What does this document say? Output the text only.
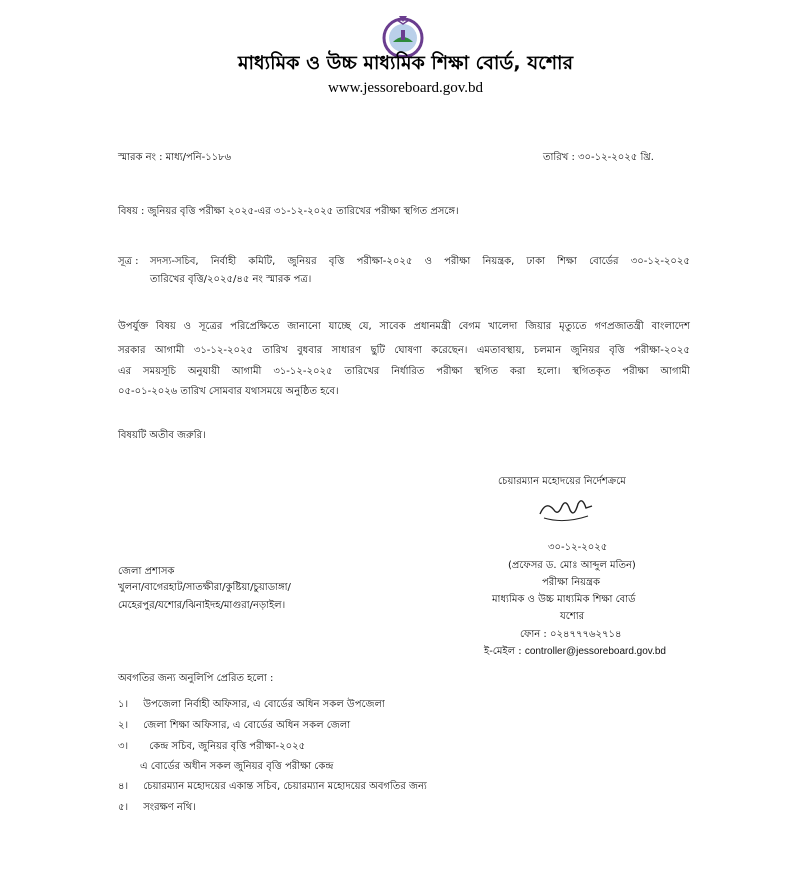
মাধ্যমিক ও উচ্চ মাধ্যমিক শিক্ষা বোর্ড, যশোর
www.jessoreboard.gov.bd
স্মারক নং : মাধ্য/পনি-১১৮৬	তারিখ : ৩০-১২-২০২৫ খ্রি.
বিষয় : জুনিয়র বৃত্তি পরীক্ষা ২০২৫-এর ৩১-১২-২০২৫ তারিখের পরীক্ষা স্থগিত প্রসঙ্গে।
সূত্র : সদস্য-সচিব, নির্বাহী কমিটি, জুনিয়র বৃত্তি পরীক্ষা-২০২৫ ও পরীক্ষা নিয়ন্ত্রক, ঢাকা শিক্ষা বোর্ডের ৩০-১২-২০২৫
তারিখের বৃত্তি/২০২৫/৪৫ নং স্মারক পত্র।
উপর্যুক্ত বিষয় ও সূত্রের পরিপ্রেক্ষিতে জানানো যাচ্ছে যে, সাবেক প্রধানমন্ত্রী বেগম খালেদা জিয়ার মৃত্যুতে গণপ্রজাতন্ত্রী বাংলাদেশ
সরকার আগামী ৩১-১২-২০২৫ তারিখ বুধবার সাধারণ ছুটি ঘোষণা করেছেন। এমতাবস্থায়, চলমান জুনিয়র বৃত্তি পরীক্ষা-২০২৫
এর সময়সূচি অনুযায়ী আগামী ৩১-১২-২০২৫ তারিখের নির্ধারিত পরীক্ষা স্থগিত করা হলো। স্থগিতকৃত পরীক্ষা আগামী
০৫-০১-২০২৬ তারিখ সোমবার যথাসময়ে অনুষ্ঠিত হবে।
বিষয়টি অতীব জরুরি।
চেয়ারম্যান মহোদয়ের নির্দেশক্রমে
৩০-১২-২০২৫
(প্রফেসর ড. মোঃ আব্দুল মতিন)
পরীক্ষা নিয়ন্ত্রক
মাধ্যমিক ও উচ্চ মাধ্যমিক শিক্ষা বোর্ড
যশোর
ফোন : ০২৪৭৭৭৬২৭১৪
ই-মেইল : controller@jessoreboard.gov.bd
জেলা প্রশাসক
খুলনা/বাগেরহাট/সাতক্ষীরা/কুষ্টিয়া/চুয়াডাঙ্গা/
মেহেরপুর/যশোর/ঝিনাইদহ/মাগুরা/নড়াইল।
অবগতির জন্য অনুলিপি প্রেরিত হলো :
১। উপজেলা নির্বাহী অফিসার, এ বোর্ডের অধিন সকল উপজেলা
২। জেলা শিক্ষা অফিসার, এ বোর্ডের অধিন সকল জেলা
৩। কেন্দ্র সচিব, জুনিয়র বৃত্তি পরীক্ষা-২০২৫
এ বোর্ডের অধীন সকল জুনিয়র বৃত্তি পরীক্ষা কেন্দ্র
৪। চেয়ারম্যান মহোদয়ের একান্ত সচিব, চেয়ারম্যান মহোদয়ের অবগতির জন্য
৫। সংরক্ষণ নথি।
